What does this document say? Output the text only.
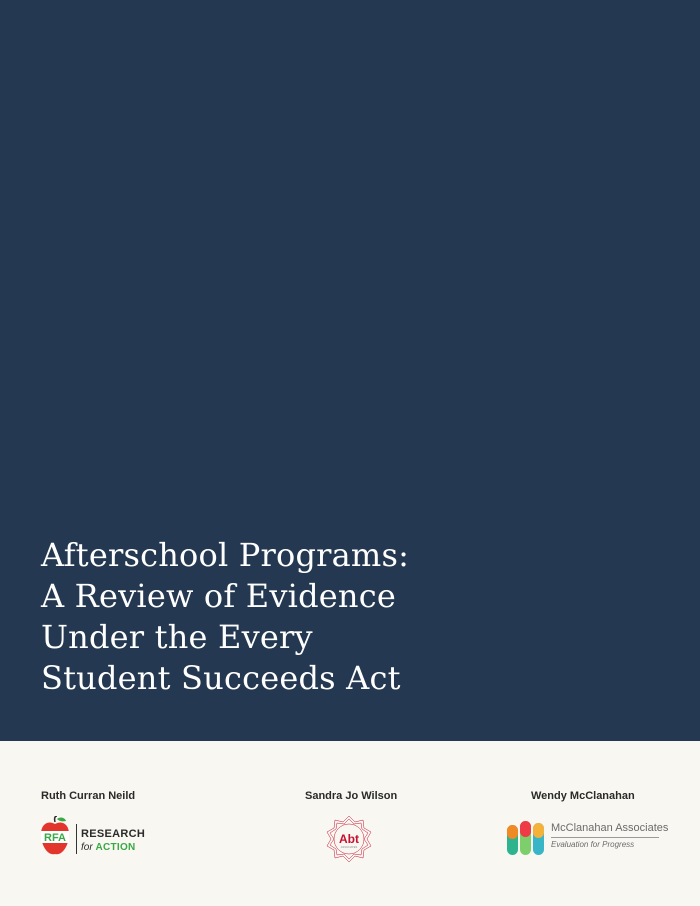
Afterschool Programs:
A Review of Evidence
Under the Every
Student Succeeds Act
Ruth Curran Neild	Sandra Jo Wilson	Wendy McClanahan
RFA RESEARCH
for ACTION
Abt
ASSOCIATES
McClanahan Associates
Evaluation for Progress
